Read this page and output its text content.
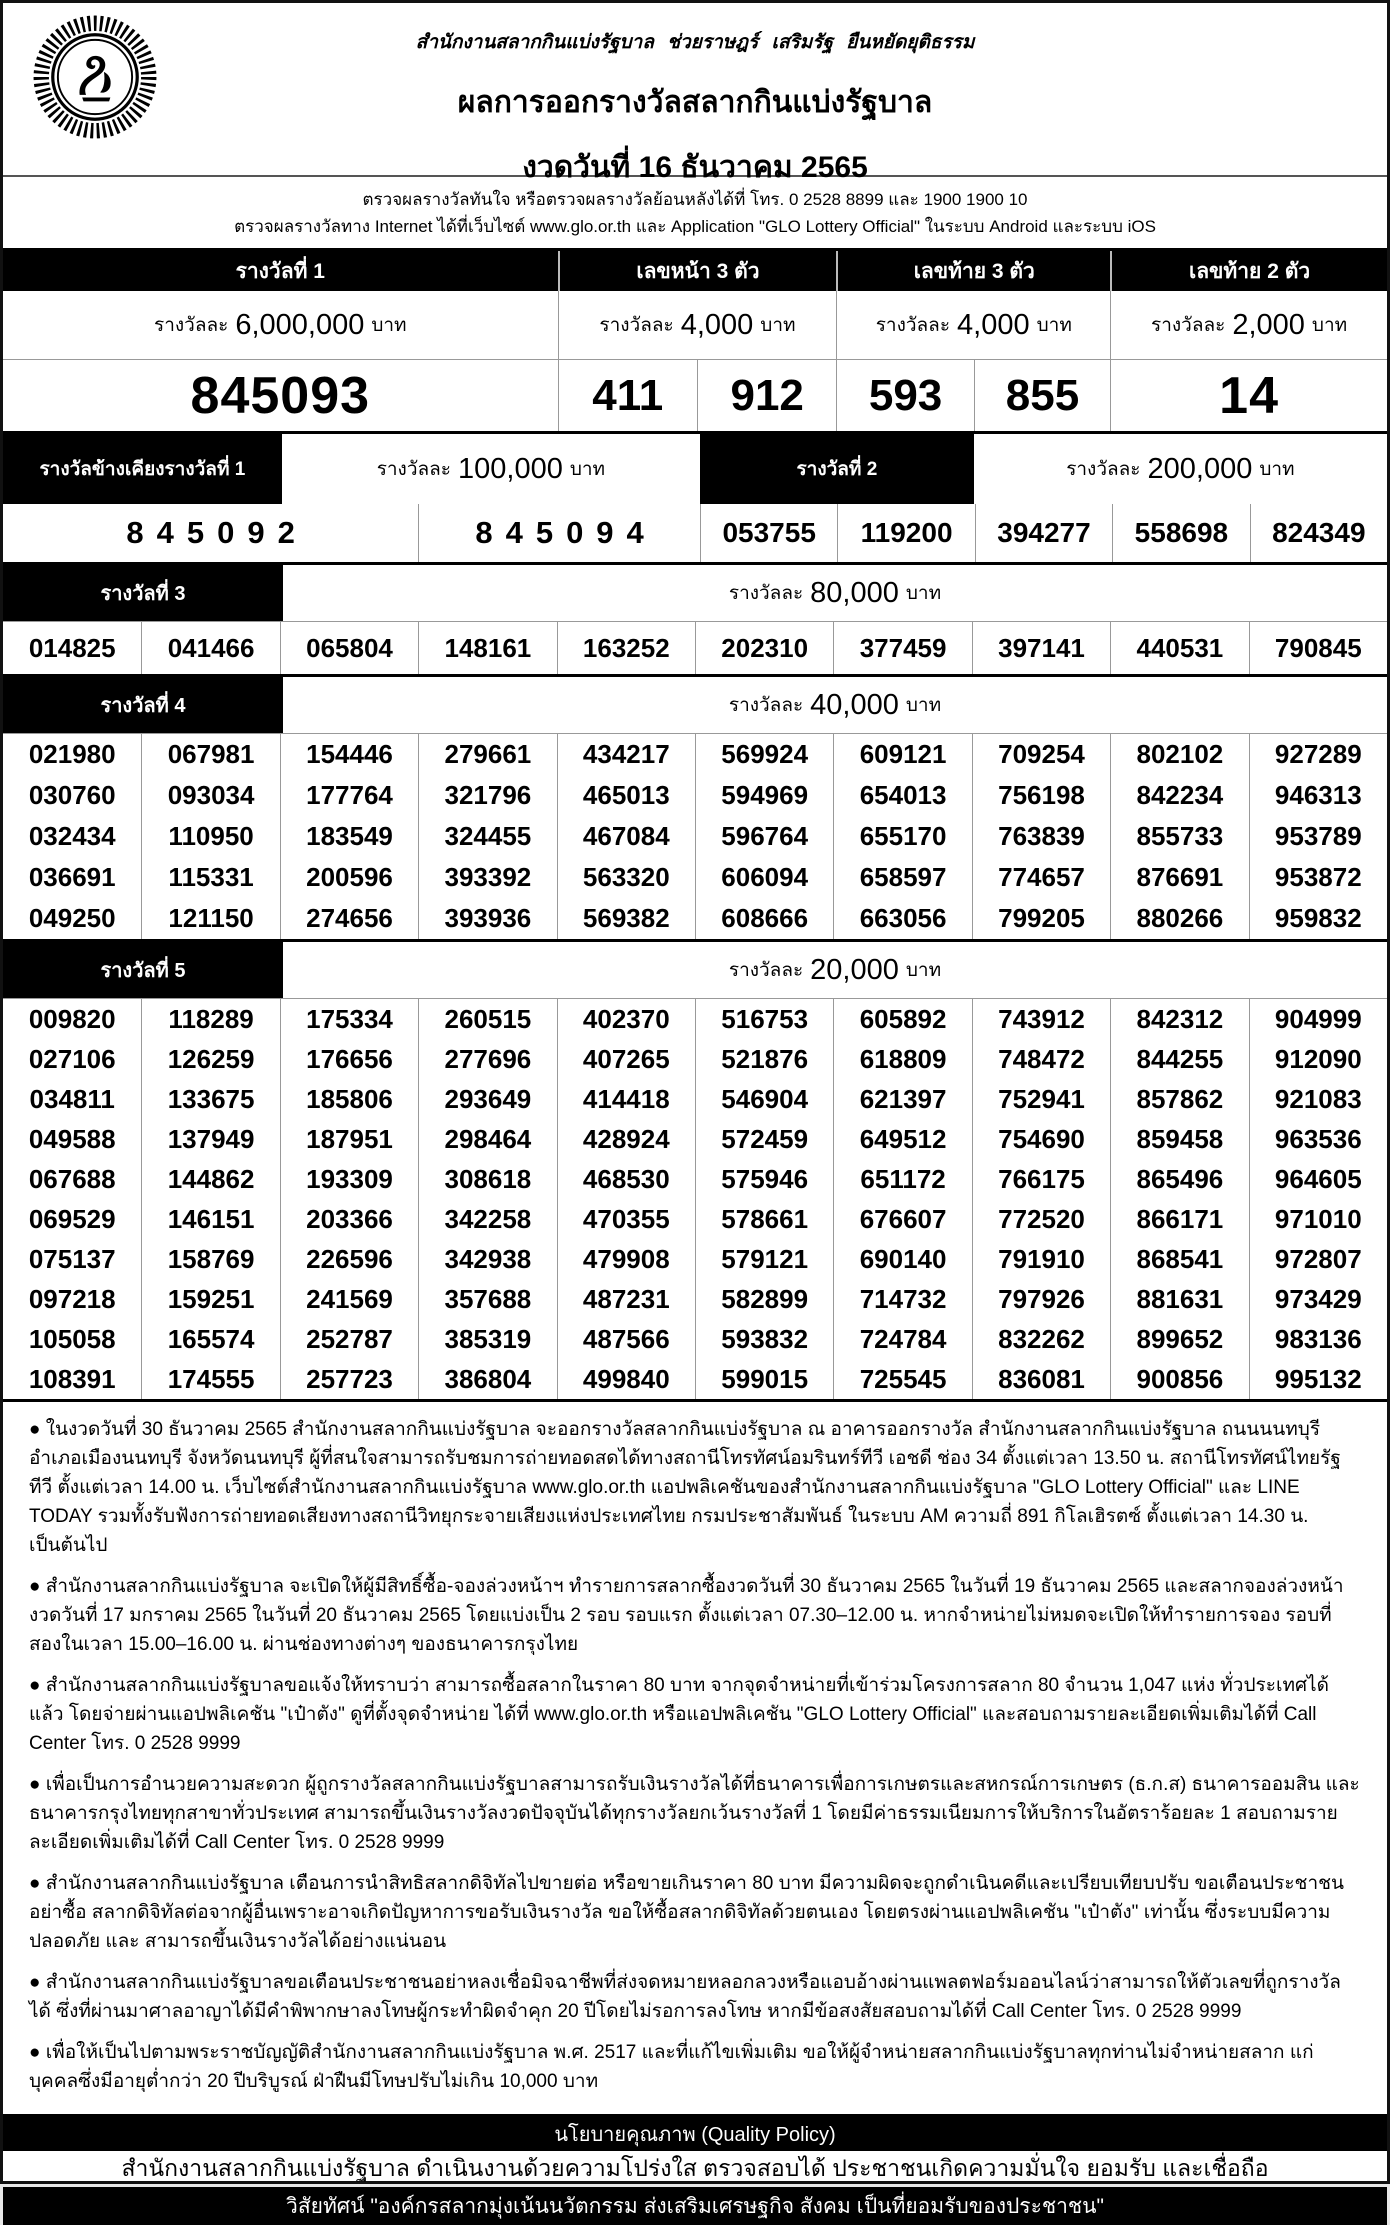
สำนักงานสลากกินแบ่งรัฐบาล ช่วยราษฎร์ เสริมรัฐ ยืนหยัดยุติธรรม
ผลการออกรางวัลสลากกินแบ่งรัฐบาล
งวดวันที่ 16 ธันวาคม 2565
ตรวจผลรางวัลทันใจ หรือตรวจผลรางวัลย้อนหลังได้ที่ โทร. 0 2528 8899 และ 1900 1900 10
ตรวจผลรางวัลทาง Internet ได้ที่เว็บไซต์ www.glo.or.th และ Application "GLO Lottery Official" ในระบบ Android และระบบ iOS
รางวัลที่ 1	เลขหน้า 3 ตัว	เลขท้าย 3 ตัว	เลขท้าย 2 ตัว
รางวัลละ 6,000,000 บาท	รางวัลละ 4,000 บาท	รางวัลละ 4,000 บาท	รางวัลละ 2,000 บาท
845093	411	912	593	855	14
รางวัลข้างเคียงรางวัลที่ 1	รางวัลละ 100,000 บาท	รางวัลที่ 2	รางวัลละ 200,000 บาท
845092	845094	053755	119200	394277	558698	824349
รางวัลที่ 3	รางวัลละ 80,000 บาท
014825	041466	065804	148161	163252	202310	377459	397141	440531	790845
รางวัลที่ 4	รางวัลละ 40,000 บาท
021980	067981	154446	279661	434217	569924	609121	709254	802102	927289
030760	093034	177764	321796	465013	594969	654013	756198	842234	946313
032434	110950	183549	324455	467084	596764	655170	763839	855733	953789
036691	115331	200596	393392	563320	606094	658597	774657	876691	953872
049250	121150	274656	393936	569382	608666	663056	799205	880266	959832
รางวัลที่ 5	รางวัลละ 20,000 บาท
009820	118289	175334	260515	402370	516753	605892	743912	842312	904999
027106	126259	176656	277696	407265	521876	618809	748472	844255	912090
034811	133675	185806	293649	414418	546904	621397	752941	857862	921083
049588	137949	187951	298464	428924	572459	649512	754690	859458	963536
067688	144862	193309	308618	468530	575946	651172	766175	865496	964605
069529	146151	203366	342258	470355	578661	676607	772520	866171	971010
075137	158769	226596	342938	479908	579121	690140	791910	868541	972807
097218	159251	241569	357688	487231	582899	714732	797926	881631	973429
105058	165574	252787	385319	487566	593832	724784	832262	899652	983136
108391	174555	257723	386804	499840	599015	725545	836081	900856	995132

● ในงวดวันที่ 30 ธันวาคม 2565 สำนักงานสลากกินแบ่งรัฐบาล จะออกรางวัลสลากกินแบ่งรัฐบาล ณ อาคารออกรางวัล สำนักงานสลากกินแบ่งรัฐบาล ถนนนนทบุรี อำเภอเมืองนนทบุรี จังหวัดนนทบุรี ผู้ที่สนใจสามารถรับชมการถ่ายทอดสดได้ทางสถานีโทรทัศน์อมรินทร์ทีวี เอชดี ช่อง 34 ตั้งแต่เวลา 13.50 น. สถานีโทรทัศน์ไทยรัฐทีวี ตั้งแต่เวลา 14.00 น. เว็บไซต์สำนักงานสลากกินแบ่งรัฐบาล www.glo.or.th แอปพลิเคชันของสำนักงานสลากกินแบ่งรัฐบาล "GLO Lottery Official" และ LINE TODAY รวมทั้งรับฟังการถ่ายทอดเสียงทางสถานีวิทยุกระจายเสียงแห่งประเทศไทย กรมประชาสัมพันธ์ ในระบบ AM ความถี่ 891 กิโลเฮิรตซ์ ตั้งแต่เวลา 14.30 น. เป็นต้นไป

● สำนักงานสลากกินแบ่งรัฐบาล จะเปิดให้ผู้มีสิทธิ์ซื้อ-จองล่วงหน้าฯ ทำรายการสลากซื้องวดวันที่ 30 ธันวาคม 2565 ในวันที่ 19 ธันวาคม 2565 และสลากจองล่วงหน้า งวดวันที่ 17 มกราคม 2565 ในวันที่ 20 ธันวาคม 2565 โดยแบ่งเป็น 2 รอบ รอบแรก ตั้งแต่เวลา 07.30–12.00 น. หากจำหน่ายไม่หมดจะเปิดให้ทำรายการจอง รอบที่สองในเวลา 15.00–16.00 น. ผ่านช่องทางต่างๆ ของธนาคารกรุงไทย

● สำนักงานสลากกินแบ่งรัฐบาลขอแจ้งให้ทราบว่า สามารถซื้อสลากในราคา 80 บาท จากจุดจำหน่ายที่เข้าร่วมโครงการสลาก 80 จำนวน 1,047 แห่ง ทั่วประเทศได้แล้ว โดยจ่ายผ่านแอปพลิเคชัน "เป๋าตัง" ดูที่ตั้งจุดจำหน่าย ได้ที่ www.glo.or.th หรือแอปพลิเคชัน "GLO Lottery Official" และสอบถามรายละเอียดเพิ่มเติมได้ที่ Call Center โทร. 0 2528 9999

● เพื่อเป็นการอำนวยความสะดวก ผู้ถูกรางวัลสลากกินแบ่งรัฐบาลสามารถรับเงินรางวัลได้ที่ธนาคารเพื่อการเกษตรและสหกรณ์การเกษตร (ธ.ก.ส) ธนาคารออมสิน และ ธนาคารกรุงไทยทุกสาขาทั่วประเทศ สามารถขึ้นเงินรางวัลงวดปัจจุบันได้ทุกรางวัลยกเว้นรางวัลที่ 1 โดยมีค่าธรรมเนียมการให้บริการในอัตราร้อยละ 1 สอบถามรายละเอียดเพิ่มเติมได้ที่ Call Center โทร. 0 2528 9999

● สำนักงานสลากกินแบ่งรัฐบาล เตือนการนำสิทธิสลากดิจิทัลไปขายต่อ หรือขายเกินราคา 80 บาท มีความผิดจะถูกดำเนินคดีและเปรียบเทียบปรับ ขอเตือนประชาชนอย่าซื้อ สลากดิจิทัลต่อจากผู้อื่นเพราะอาจเกิดปัญหาการขอรับเงินรางวัล ขอให้ซื้อสลากดิจิทัลด้วยตนเอง โดยตรงผ่านแอปพลิเคชัน "เป๋าตัง" เท่านั้น ซึ่งระบบมีความปลอดภัย และ สามารถขึ้นเงินรางวัลได้อย่างแน่นอน

● สำนักงานสลากกินแบ่งรัฐบาลขอเตือนประชาชนอย่าหลงเชื่อมิจฉาชีพที่ส่งจดหมายหลอกลวงหรือแอบอ้างผ่านแพลตฟอร์มออนไลน์ว่าสามารถให้ตัวเลขที่ถูกรางวัลได้ ซึ่งที่ผ่านมาศาลอาญาได้มีคำพิพากษาลงโทษผู้กระทำผิดจำคุก 20 ปีโดยไม่รอการลงโทษ หากมีข้อสงสัยสอบถามได้ที่ Call Center โทร. 0 2528 9999

● เพื่อให้เป็นไปตามพระราชบัญญัติสำนักงานสลากกินแบ่งรัฐบาล พ.ศ. 2517 และที่แก้ไขเพิ่มเติม ขอให้ผู้จำหน่ายสลากกินแบ่งรัฐบาลทุกท่านไม่จำหน่ายสลาก แก่บุคคลซึ่งมีอายุต่ำกว่า 20 ปีบริบูรณ์ ฝ่าฝืนมีโทษปรับไม่เกิน 10,000 บาท

นโยบายคุณภาพ (Quality Policy)
สำนักงานสลากกินแบ่งรัฐบาล ดำเนินงานด้วยความโปร่งใส ตรวจสอบได้ ประชาชนเกิดความมั่นใจ ยอมรับ และเชื่อถือ
วิสัยทัศน์ "องค์กรสลากมุ่งเน้นนวัตกรรม ส่งเสริมเศรษฐกิจ สังคม เป็นที่ยอมรับของประชาชน"
